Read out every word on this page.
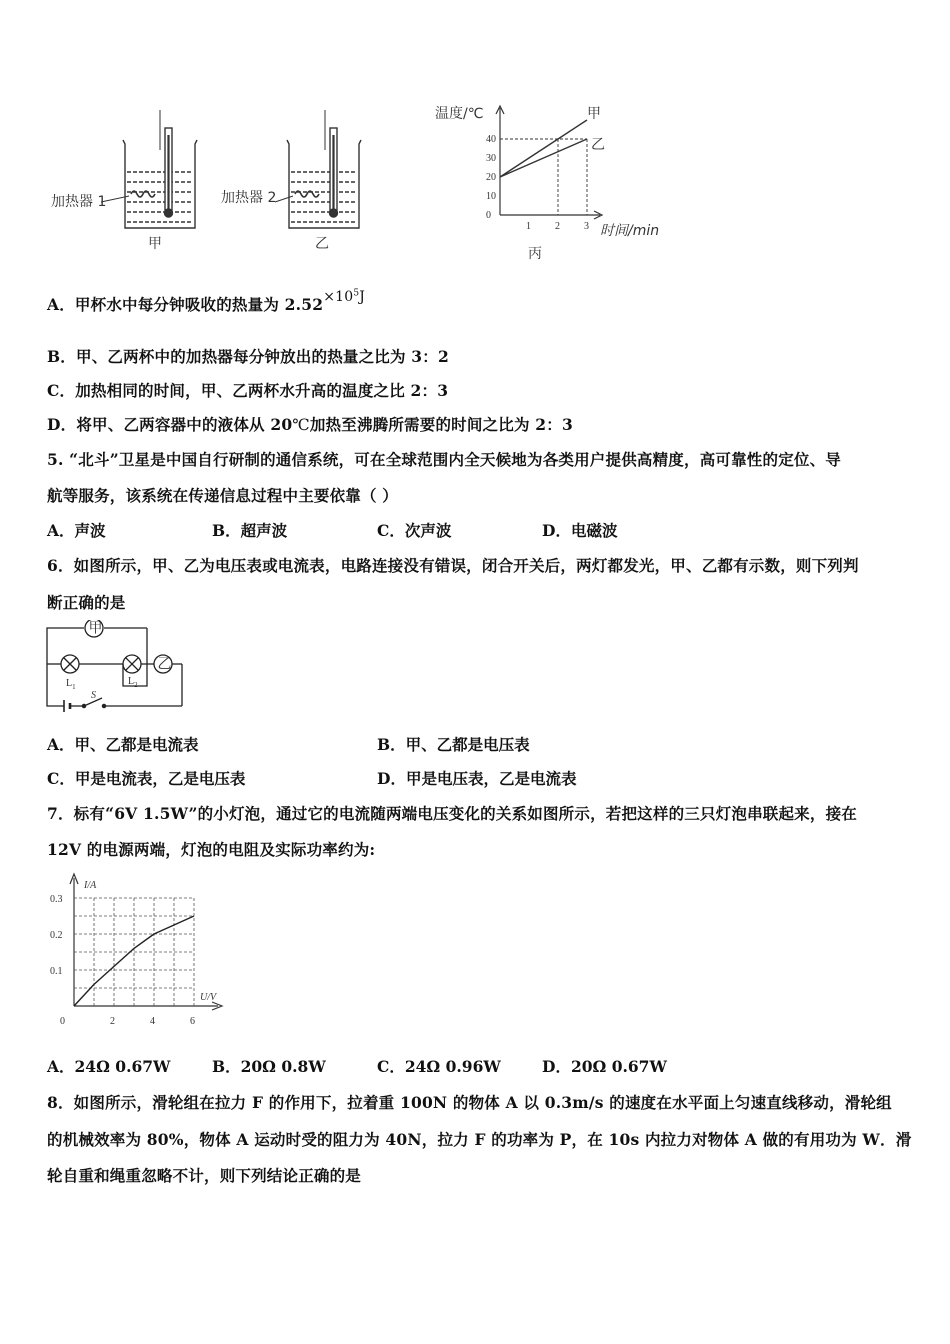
加热器 1
甲
加热器 2
乙
温度/℃
时间/min
丙
0
10
20
30
40
1 2 3
甲
乙
A．甲杯水中每分钟吸收的热量为 $2.52\times 10^5J$
B．甲、乙两杯中的加热器每分钟放出的热量之比为 3：2
C．加热相同的时间，甲、乙两杯水升高的温度之比 2：3
D．将甲、乙两容器中的液体从 20℃加热至沸腾所需要的时间之比为 2：3
5. “北斗”卫星是中国自行研制的通信系统，可在全球范围内全天候地为各类用户提供高精度，高可靠性的定位、导
航等服务，该系统在传递信息过程中主要依靠（ ）
A．声波	B．超声波	C．次声波	D．电磁波
6．如图所示，甲、乙为电压表或电流表，电路连接没有错误，闭合开关后，两灯都发光，甲、乙都有示数，则下列判
断正确的是
甲
乙
$L_1$	$L_2$
S
A．甲、乙都是电流表	B．甲、乙都是电压表
C．甲是电流表，乙是电压表	D．甲是电压表，乙是电流表
7．标有“6V 1.5W”的小灯泡，通过它的电流随两端电压变化的关系如图所示，若把这样的三只灯泡串联起来，接在
12V 的电源两端，灯泡的电阻及实际功率约为:
I/A
U/V
0.1
0.2
0.3
0	2	4	6
A．24Ω 0.67W	B．20Ω 0.8W	C．24Ω 0.96W	D．20Ω 0.67W
8．如图所示，滑轮组在拉力 F 的作用下，拉着重 100N 的物体 A 以 0.3m/s 的速度在水平面上匀速直线移动，滑轮组
的机械效率为 80%，物体 A 运动时受的阻力为 40N，拉力 F 的功率为 P，在 10s 内拉力对物体 A 做的有用功为 W．滑
轮自重和绳重忽略不计，则下列结论正确的是
